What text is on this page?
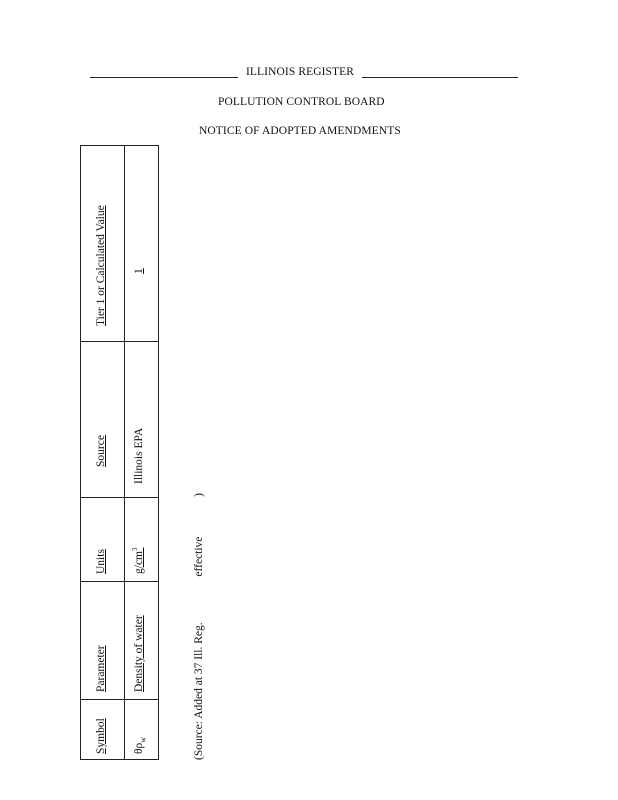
ILLINOIS REGISTER
POLLUTION CONTROL BOARD
NOTICE OF ADOPTED AMENDMENTS
Symbol
Parameter
Units
Source
Tier 1 or Calculated Value
$\theta\rho_w$
Density of water
$g/cm^3$
Illinois EPA
1
(Source: Added at 37 Ill. Reg.  effective  )
